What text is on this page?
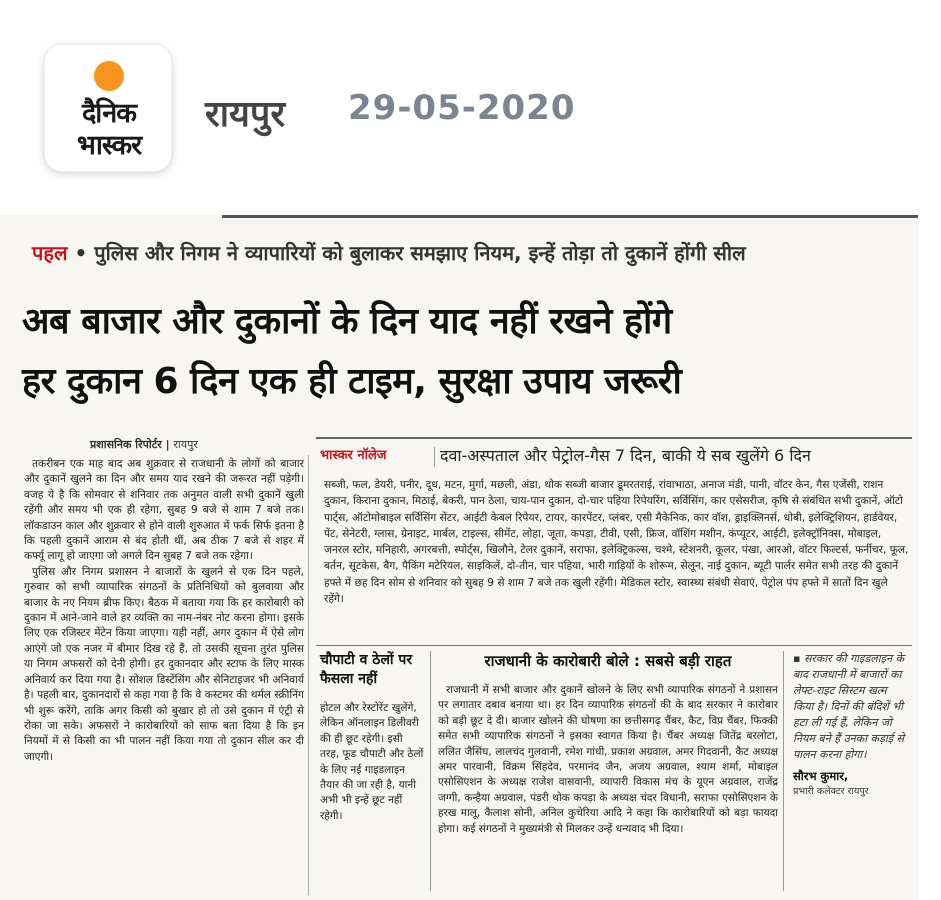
दैनिक
भास्कर
रायपुर 29-05-2020
पहल • पुलिस और निगम ने व्यापारियों को बुलाकर समझाए नियम, इन्हें तोड़ा तो दुकानें होंगी सील
अब बाजार और दुकानों के दिन याद नहीं रखने होंगे
हर दुकान 6 दिन एक ही टाइम, सुरक्षा उपाय जरूरी
प्रशासनिक रिपोर्टर | रायपुर

तकरीबन एक माह बाद अब शुक्रवार से राजधानी के लोगों को बाजार और दुकानें खुलने का दिन और समय याद रखने की जरूरत नहीं पड़ेगी। वजह ये है कि सोमवार से शनिवार तक अनुमत वाली सभी दुकानें खुली रहेंगी और समय भी एक ही रहेगा, सुबह 9 बजे से शाम 7 बजे तक। लॉकडाउन काल और शुक्रवार से होने वाली शुरुआत में फर्क सिर्फ इतना है कि पहली दुकानें आराम से बंद होती थीं, अब ठीक 7 बजे से शहर में कर्फ्यू लागू हो जाएगा जो अगले दिन सुबह 7 बजे तक रहेगा।

पुलिस और निगम प्रशासन ने बाजारों के खुलने से एक दिन पहले, गुरुवार को सभी व्यापारिक संगठनों के प्रतिनिधियों को बुलवाया और बाजार के नए नियम ब्रीफ किए। बैठक में बताया गया कि हर कारोबारी को दुकान में आने-जाने वाले हर व्यक्ति का नाम-नंबर नोट करना होगा। इसके लिए एक रजिस्टर मेंटेन किया जाएगा। यही नहीं, अगर दुकान में ऐसे लोग आएंगे जो एक नजर में बीमार दिख रहे हैं, तो उसकी सूचना तुरंत पुलिस या निगम अफसरों को देनी होगी। हर दुकानदार और स्टाफ के लिए मास्क अनिवार्य कर दिया गया है। सोशल डिस्टेंसिंग और सेनिटाइजर भी अनिवार्य है। पहली बार, दुकानदारों से कहा गया है कि वे कस्टमर की थर्मल स्क्रीनिंग भी शुरू करेंगे, ताकि अगर किसी को बुखार हो तो उसे दुकान में एंट्री से रोका जा सके। अफसरों ने कारोबारियों को साफ बता दिया है कि इन नियमों में से किसी का भी पालन नहीं किया गया तो दुकान सील कर दी जाएगी।

भास्कर नॉलेज	दवा-अस्पताल और पेट्रोल-गैस 7 दिन, बाकी ये सब खुलेंगे 6 दिन
सब्जी, फल, डेयरी, पनीर, दूध, मटन, मुर्गा, मछली, अंडा, थोक सब्जी बाजार डूमरतराई, रांवाभाठा, अनाज मंडी, पानी, वॉटर केन, गैस एजेंसी, राशन दुकान, किराना दुकान, मिठाई, बेकरी, पान ठेला, चाय-पान दुकान, दो-चार पहिया रिपेयरिंग, सर्विसिंग, कार एसेसरीज, कृषि से संबंधित सभी दुकानें, ऑटो पार्ट्स, ऑटोमोबाइल सर्विसिंग सेंटर, आईटी केबल रिपेयर, टायर, कारपेंटर, प्लंबर, एसी मैकेनिक, कार वॉश, ड्राइक्लिनर्स, धोबी, इलेक्ट्रिशियन, हार्डवेयर, पेंट, सेनेटरी, ग्लास, ग्रेनाइट, मार्बल, टाइल्स, सीमेंट, लोहा, जूता, कपड़ा, टीवी, एसी, फ्रिज, वॉशिंग मशीन, कंप्यूटर, आईटी, इलेक्ट्रॉनिक्स, मोबाइल, जनरल स्टोर, मनिहारी, अगरबत्ती, स्पोर्ट्स, खिलौने, टेलर दुकानें, सराफा, इलेक्ट्रिकल्स, चश्मे, स्टेशनरी, कूलर, पंखा, आरओ, वॉटर फिल्टर्स, फर्नीचर, फूल, बर्तन, सूटकेस, बैग, पैकिंग मटेरियल, साइकिलें, दो-तीन, चार पहिया, भारी गाड़ियों के शोरूम, सेलून, नाई दुकान, ब्यूटी पार्लर समेत सभी तरह की दुकानें हफ्ते में छह दिन सोम से शनिवार को सुबह 9 से शाम 7 बजे तक खुली रहेंगी। मेडिकल स्टोर, स्वास्थ्य संबंधी सेवाएं, पेट्रोल पंप हफ्ते में सातों दिन खुले रहेंगे।
चौपाटी व ठेलों पर फैसला नहीं
होटल और रेस्टोरेंट खुलेंगे, लेकिन ऑनलाइन डिलीवरी की ही छूट रहेगी। इसी तरह, फूड चौपाटी और ठेलों के लिए नई गाइडलाइन तैयार की जा रही है, यानी अभी भी इन्हें छूट नहीं रहेगी।
राजधानी के कारोबारी बोले : सबसे बड़ी राहत
राजधानी में सभी बाजार और दुकानें खोलने के लिए सभी व्यापारिक संगठनों ने प्रशासन पर लगातार दबाव बनाया था। हर दिन व्यापारिक संगठनों की के बाद सरकार ने कारोबार को बड़ी छूट दे दी। बाजार खोलने की घोषणा का छत्तीसगढ़ चैंबर, कैट, विप्र चैंबर, फिक्की समेत सभी व्यापारिक संगठनों ने इसका स्वागत किया है। चैंबर अध्यक्ष जितेंद्र बरलोटा, ललित जैसिंघ, लालचंद गुलवानी, रमेश गांधी, प्रकाश अग्रवाल, अमर गिदवानी, कैट अध्यक्ष अमर पारवानी, विक्रम सिंहदेव, परमानंद जैन, अजय अग्रवाल, श्याम शर्मा, मोबाइल एसोसिएशन के अध्यक्ष राजेश वासवानी, व्यापारी विकास मंच के यूएन अग्रवाल, राजेंद्र जग्गी, कन्हैया अग्रवाल, पंडरी थोक कपड़ा के अध्यक्ष चंदर विधानी, सराफा एसोसिएशन के हरख मालू, कैलाश सोनी, अनिल कुचेरिया आदि ने कहा कि कारोबारियों को बड़ा फायदा होगा। कई संगठनों ने मुख्यमंत्री से मिलकर उन्हें धन्यवाद भी दिया।
▪ सरकार की गाइडलाइन के बाद राजधानी में बाजारों का लेफ्ट-राइट सिस्टम खत्म किया है। दिनों की बंदिशें भी हटा ली गई हैं, लेकिन जो नियम बने हैं उनका कड़ाई से पालन करना होगा।
सौरभ कुमार,
प्रभारी कलेक्टर रायपुर
